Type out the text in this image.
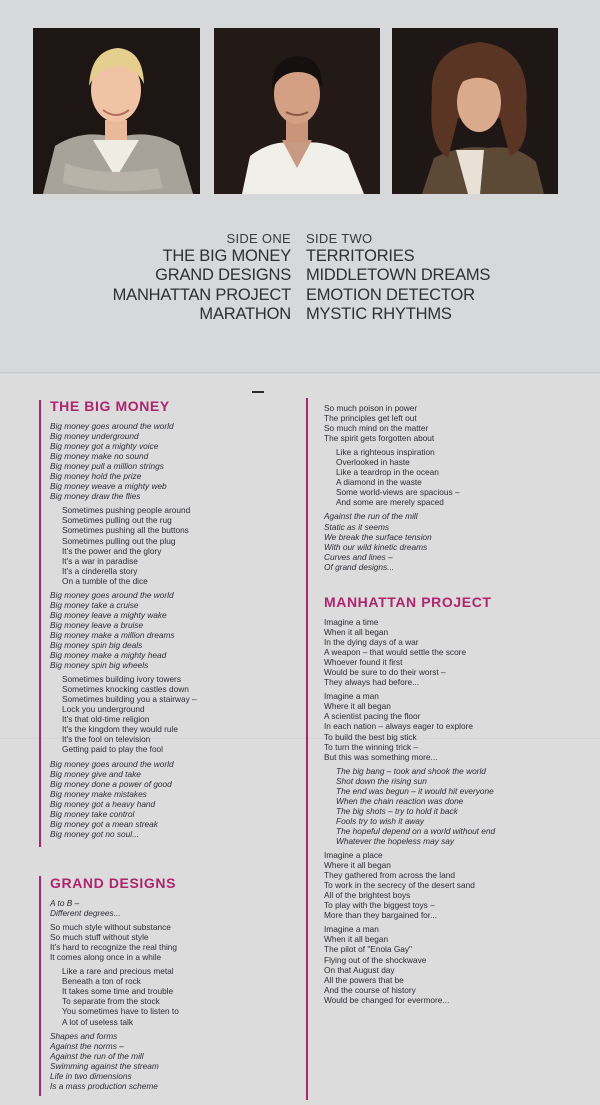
SIDE ONE
THE BIG MONEY
GRAND DESIGNS
MANHATTAN PROJECT
MARATHON
SIDE TWO
TERRITORIES
MIDDLETOWN DREAMS
EMOTION DETECTOR
MYSTIC RHYTHMS
THE BIG MONEY
Big money goes around the world
Big money underground
Big money got a mighty voice
Big money make no sound
Big money pull a million strings
Big money hold the prize
Big money weave a mighty web
Big money draw the flies
Sometimes pushing people around
Sometimes pulling out the rug
Sometimes pushing all the buttons
Sometimes pulling out the plug
It's the power and the glory
It's a war in paradise
It's a cinderella story
On a tumble of the dice
Big money goes around the world
Big money take a cruise
Big money leave a mighty wake
Big money leave a bruise
Big money make a million dreams
Big money spin big deals
Big money make a mighty head
Big money spin big wheels
Sometimes building ivory towers
Sometimes knocking castles down
Sometimes building you a stairway –
Lock you underground
It's that old-time religion
It's the kingdom they would rule
It's the fool on television
Getting paid to play the fool
Big money goes around the world
Big money give and take
Big money done a power of good
Big money make mistakes
Big money got a heavy hand
Big money take control
Big money got a mean streak
Big money got no soul...
GRAND DESIGNS
A to B –
Different degrees...
So much style without substance
So much stuff without style
It's hard to recognize the real thing
It comes along once in a while
Like a rare and precious metal
Beneath a ton of rock
It takes some time and trouble
To separate from the stock
You sometimes have to listen to
A lot of useless talk
Shapes and forms
Against the norms –
Against the run of the mill
Swimming against the stream
Life in two dimensions
Is a mass production scheme
So much poison in power
The principles get left out
So much mind on the matter
The spirit gets forgotten about
Like a righteous inspiration
Overlooked in haste
Like a teardrop in the ocean
A diamond in the waste
Some world-views are spacious –
And some are merely spaced
Against the run of the mill
Static as it seems
We break the surface tension
With our wild kinetic dreams
Curves and lines –
Of grand designs...
MANHATTAN PROJECT
Imagine a time
When it all began
In the dying days of a war
A weapon – that would settle the score
Whoever found it first
Would be sure to do their worst –
They always had before...
Imagine a man
Where it all began
A scientist pacing the floor
In each nation – always eager to explore
To build the best big stick
To turn the winning trick –
But this was something more...
The big bang – took and shook the world
Shot down the rising sun
The end was begun – it would hit everyone
When the chain reaction was done
The big shots – try to hold it back
Fools try to wish it away
The hopeful depend on a world without end
Whatever the hopeless may say
Imagine a place
Where it all began
They gathered from across the land
To work in the secrecy of the desert sand
All of the brightest boys
To play with the biggest toys –
More than they bargained for...
Imagine a man
When it all began
The pilot of "Enola Gay"
Flying out of the shockwave
On that August day
All the powers that be
And the course of history
Would be changed for evermore...
